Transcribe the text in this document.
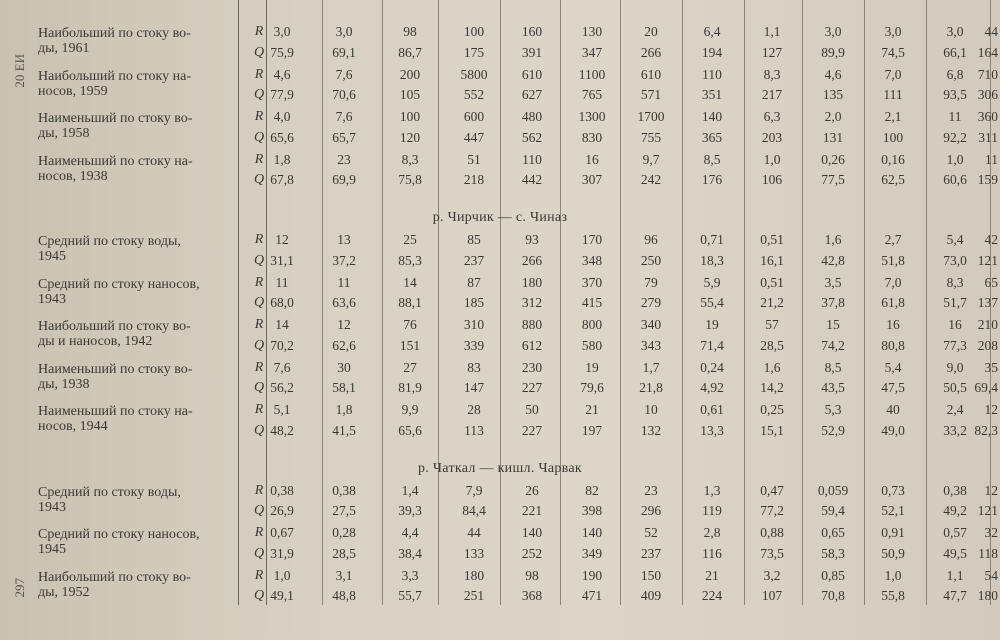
20 ЕИ
297
Наибольший по стоку во-
ды, 1961
R 3,0	3,0	98	100	160	130	20	6,4	1,1	3,0	3,0	3,0	44
Q 75,9	69,1	86,7	175	391	347	266	194	127	89,9	74,5	66,1 164
Наибольший по стоку на-
носов, 1959
R 4,6	7,6	200	5800	610	1100	610	110	8,3	4,6	7,0	6,8	710
Q 77,9	70,6	105	552	627	765	571	351	217	135	111	93,5 306
Наименьший по стоку во-
ды, 1958
R 4,0	7,6	100	600	480	1300	1700	140	6,3	2,0	2,1	11	360
Q 65,6	65,7	120	447	562	830	755	365	203	131	100	92,2 311
Наименьший по стоку на-
носов, 1938
R 1,8	23	8,3	51	110	16	9,7	8,5	1,0	0,26	0,16	1,0	11
Q 67,8	69,9	75,8	218	442	307	242	176	106	77,5	62,5	60,6 159
р. Чирчик — с. Чиназ
Средний по стоку воды,
1945
R 12	13	25	85	93	170	96	0,71	0,51	1,6	2,7	5,4	42
Q 31,1	37,2	85,3	237	266	348	250	18,3	16,1	42,8	51,8	73,0 121
Средний по стоку наносов,
1943
R 11	11	14	87	180	370	79	5,9	0,51	3,5	7,0	8,3	65
Q 68,0	63,6	88,1	185	312	415	279	55,4	21,2	37,8	61,8	51,7 137
Наибольший по стоку во-
ды и наносов, 1942
R 14	12	76	310	880	800	340	19	57	15	16	16	210
Q 70,2	62,6	151	339	612	580	343	71,4	28,5	74,2	80,8	77,3 208
Наименьший по стоку во-
ды, 1938
R 7,6	30	27	83	230	19	1,7	0,24	1,6	8,5	5,4	9,0	35
Q 56,2	58,1	81,9	147	227	79,6	21,8	4,92	14,2	43,5	47,5	50,5 69,4
Наименьший по стоку на-
носов, 1944
R 5,1	1,8	9,9	28	50	21	10	0,61	0,25	5,3	40	2,4	12
Q 48,2	41,5	65,6	113	227	197	132	13,3	15,1	52,9	49,0	33,2 82,3
р. Чаткал — кишл. Чарвак
Средний по стоку воды,
1943
R 0,38	0,38	1,4	7,9	26	82	23	1,3	0,47	0,059	0,73	0,38	12
Q 26,9	27,5	39,3	84,4	221	398	296	119	77,2	59,4	52,1	49,2 121
Средний по стоку наносов,
1945
R 0,67	0,28	4,4	44	140	140	52	2,8	0,88	0,65	0,91	0,57	32
Q 31,9	28,5	38,4	133	252	349	237	116	73,5	58,3	50,9	49,5 118
Наибольший по стоку во-
ды, 1952
R 1,0	3,1	3,3	180	98	190	150	21	3,2	0,85	1,0	1,1	54
Q 49,1	48,8	55,7	251	368	471	409	224	107	70,8	55,8	47,7 180
